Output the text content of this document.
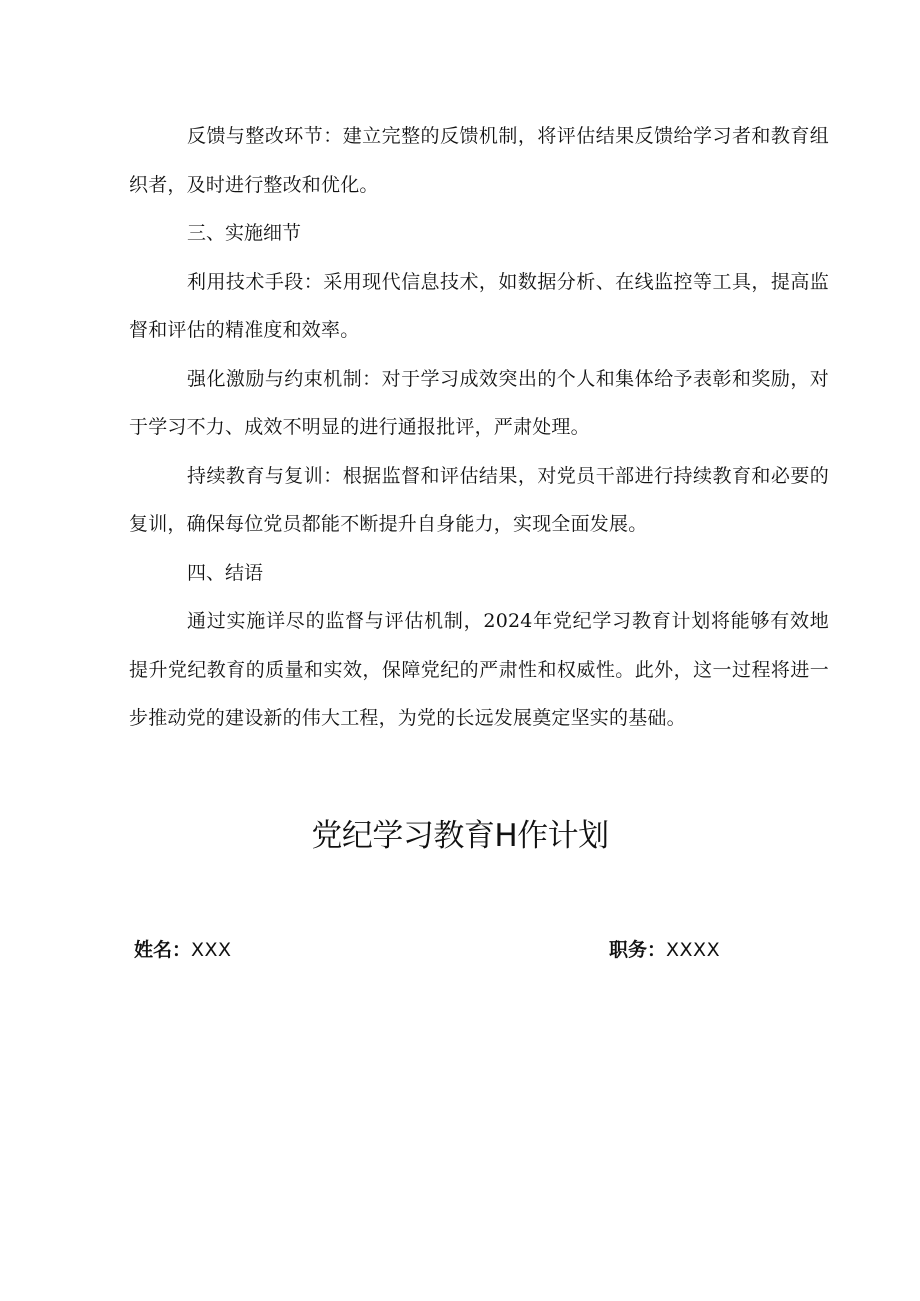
反馈与整改环节：建立完整的反馈机制，将评估结果反馈给学习者和教育组织者，及时进行整改和优化。

三、实施细节

利用技术手段：采用现代信息技术，如数据分析、在线监控等工具，提高监督和评估的精准度和效率。

强化激励与约束机制：对于学习成效突出的个人和集体给予表彰和奖励，对于学习不力、成效不明显的进行通报批评，严肃处理。

持续教育与复训：根据监督和评估结果，对党员干部进行持续教育和必要的复训，确保每位党员都能不断提升自身能力，实现全面发展。

四、结语

通过实施详尽的监督与评估机制，2024年党纪学习教育计划将能够有效地提升党纪教育的质量和实效，保障党纪的严肃性和权威性。此外，这一过程将进一步推动党的建设新的伟大工程，为党的长远发展奠定坚实的基础。

党纪学习教育H作计划
姓名：XXX	职务：XXXX
